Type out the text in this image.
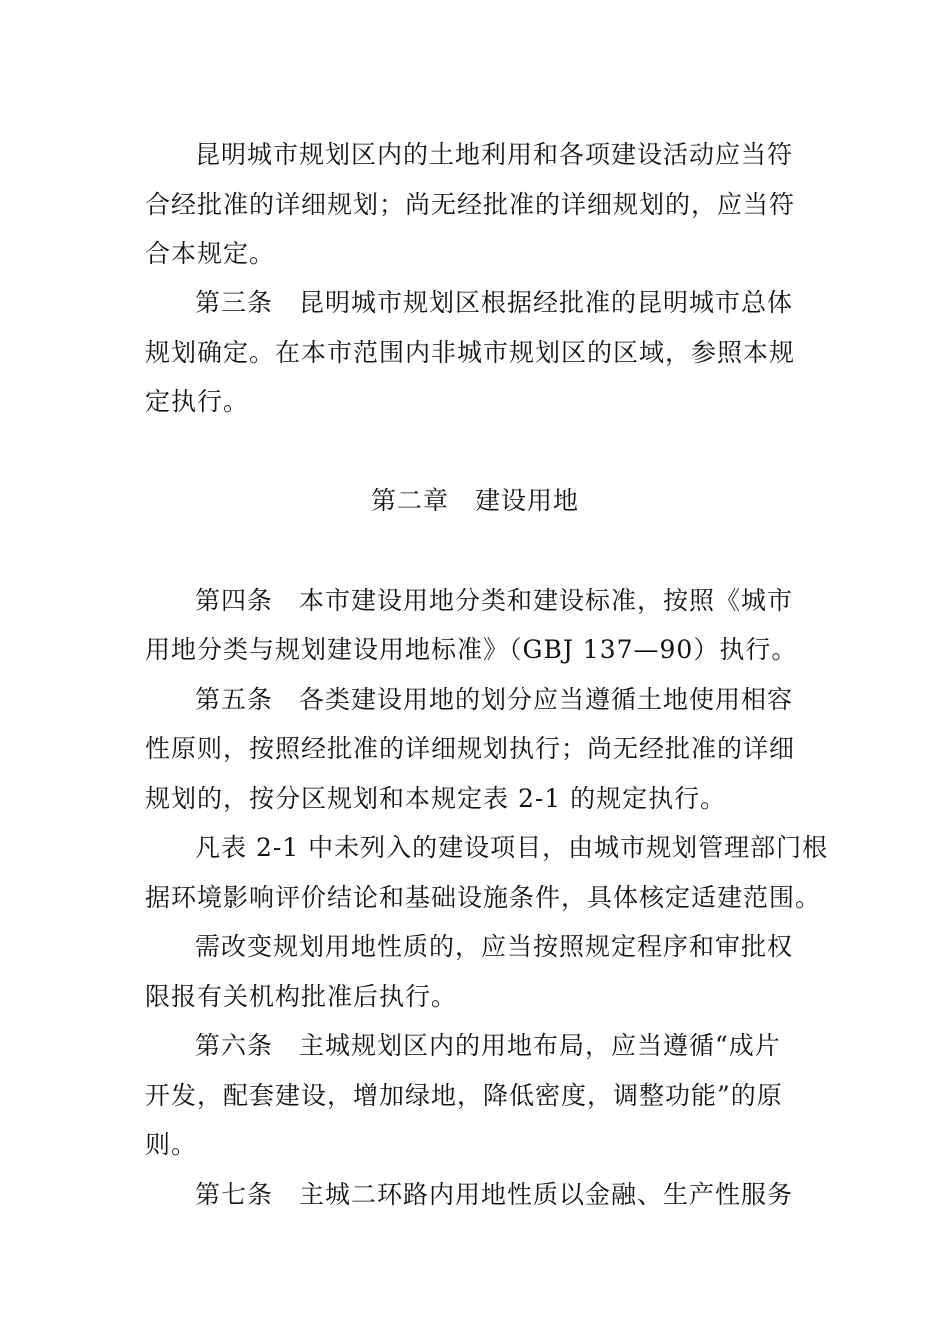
昆明城市规划区内的土地利用和各项建设活动应当符
合经批准的详细规划；尚无经批准的详细规划的，应当符
合本规定。
第三条　昆明城市规划区根据经批准的昆明城市总体
规划确定。在本市范围内非城市规划区的区域，参照本规
定执行。
第二章　建设用地
第四条　本市建设用地分类和建设标准，按照《城市
用地分类与规划建设用地标准》（GBJ 137—90）执行。
第五条　各类建设用地的划分应当遵循土地使用相容
性原则，按照经批准的详细规划执行；尚无经批准的详细
规划的，按分区规划和本规定表 2-1 的规定执行。
凡表 2-1 中未列入的建设项目，由城市规划管理部门根
据环境影响评价结论和基础设施条件，具体核定适建范围。
需改变规划用地性质的，应当按照规定程序和审批权
限报有关机构批准后执行。
第六条　主城规划区内的用地布局，应当遵循“成片
开发，配套建设，增加绿地，降低密度，调整功能”的原
则。
第七条　主城二环路内用地性质以金融、生产性服务
